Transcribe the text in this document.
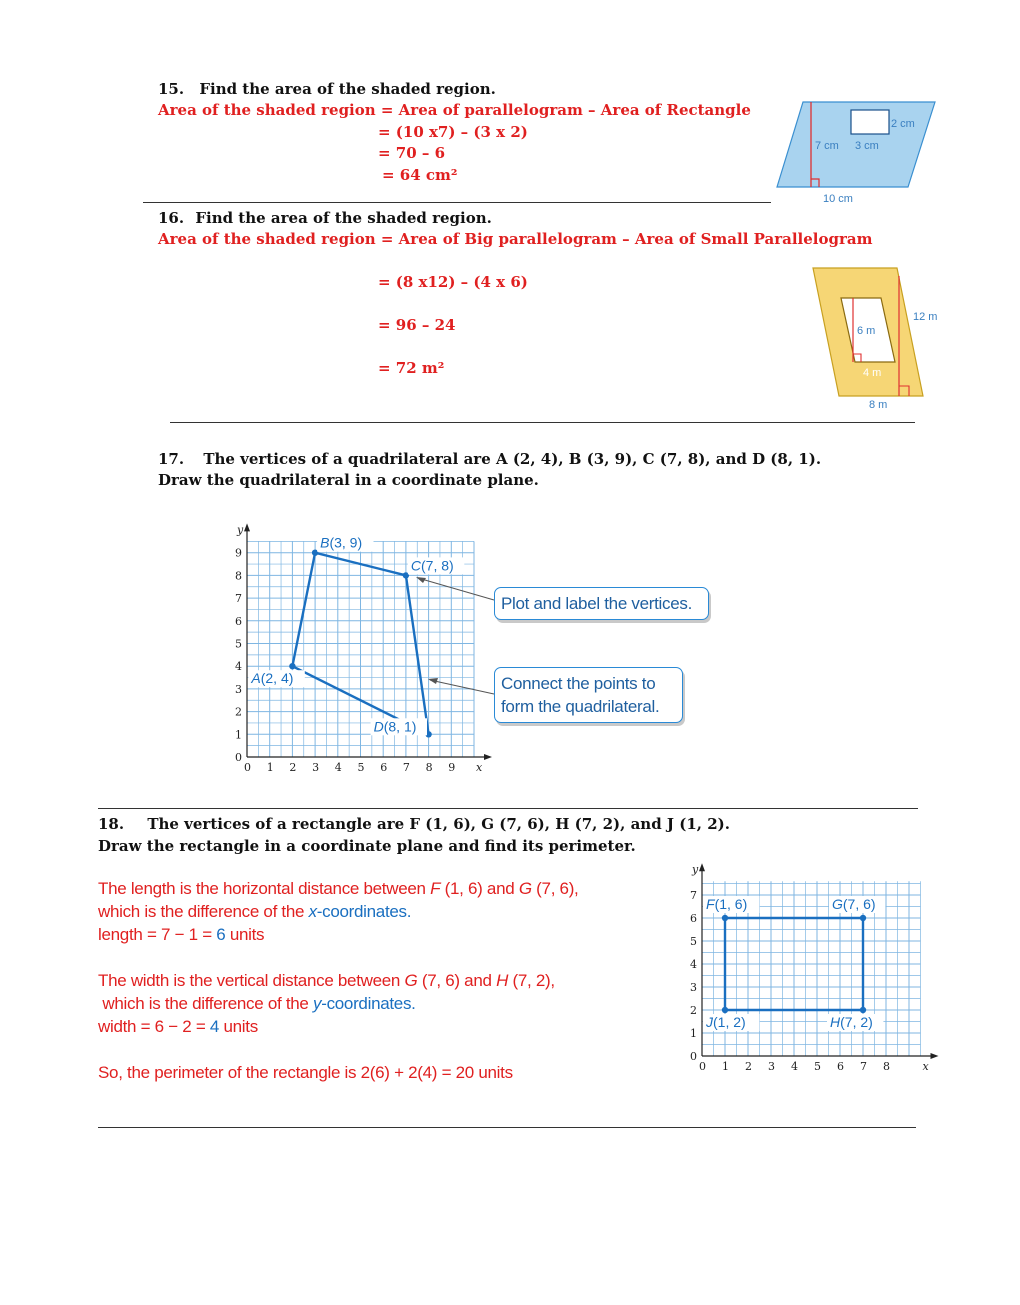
15. Find the area of the shaded region.
Area of the shaded region = Area of parallelogram – Area of Rectangle
= (10 x7) – (3 x 2)
= 70 – 6
= 64 cm²
2 cm
7 cm 3 cm
10 cm
16. Find the area of the shaded region.
Area of the shaded region = Area of Big parallelogram – Area of Small Parallelogram
= (8 x12) – (4 x 6)
= 96 – 24
= 72 m²
12 m
6 m
4 m
8 m
17. The vertices of a quadrilateral are A (2, 4), B (3, 9), C (7, 8), and D (8, 1).
Draw the quadrilateral in a coordinate plane.
0 1 2 3 4 5 6 7 8 9
0
1
2
3
4
5
6
7
8
9
x
y
A(2, 4)
B(3, 9)
C(7, 8)
D(8, 1)
Plot and label the vertices.
Connect the points to form the quadrilateral.
18. The vertices of a rectangle are F (1, 6), G (7, 6), H (7, 2), and J (1, 2).
Draw the rectangle in a coordinate plane and find its perimeter.
The length is the horizontal distance between F (1, 6) and G (7, 6),
which is the difference of the x-coordinates.
length = 7 − 1 = 6 units
The width is the vertical distance between G (7, 6) and H (7, 2),
which is the difference of the y-coordinates.
width = 6 − 2 = 4 units
So, the perimeter of the rectangle is 2(6) + 2(4) = 20 units	0 1 2 3 4 5 6 7 8
0
1
2
3
4
5
6
7
x
y
F(1, 6)	G(7, 6)
H(7, 2)
J(1, 2)
